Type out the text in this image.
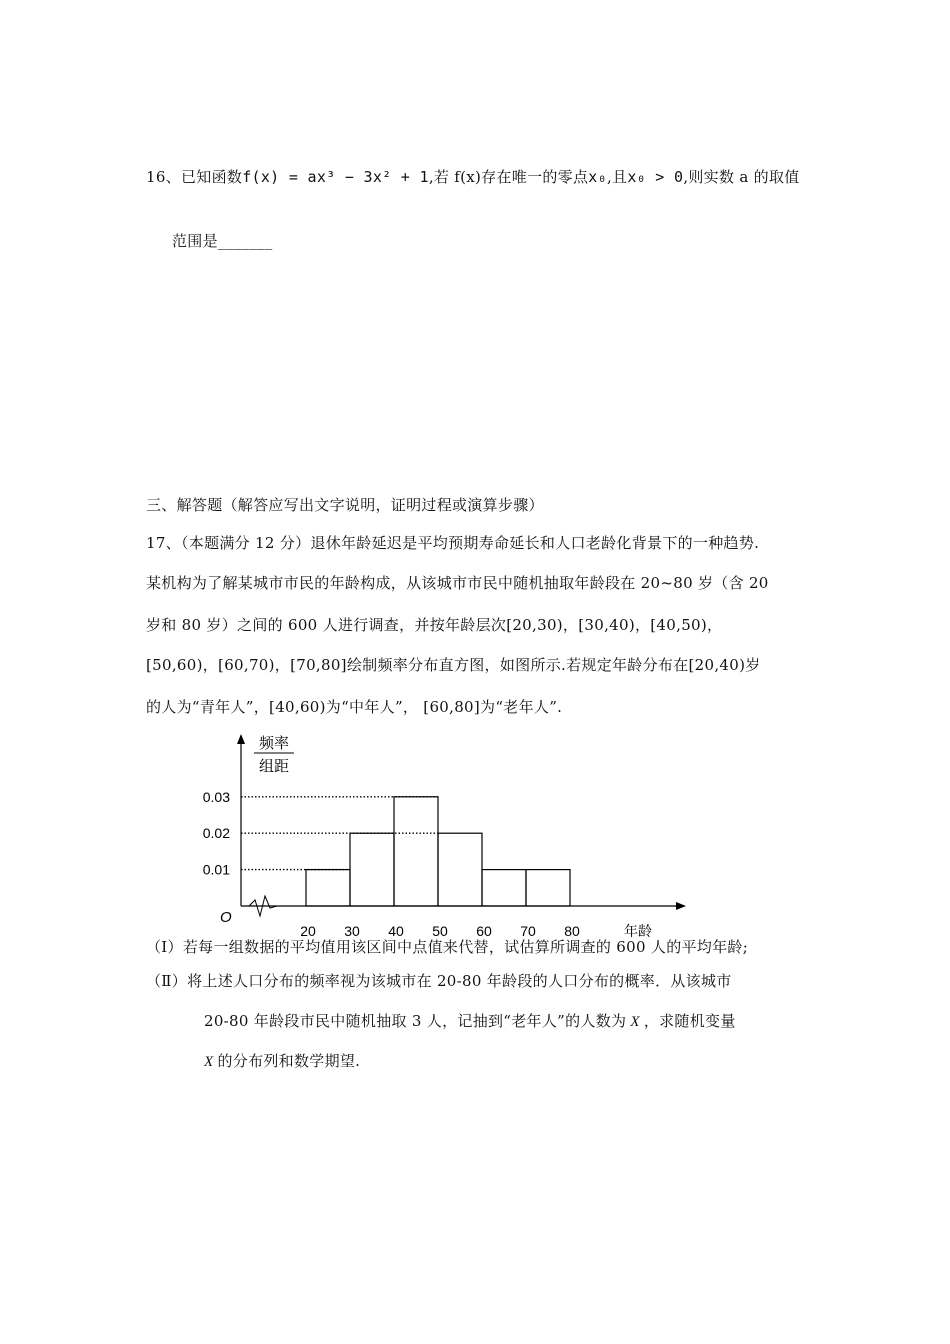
16、已知函数f(x) = ax³ − 3x² + 1,若 f(x)存在唯一的零点x₀,且x₀ > 0,则实数 a 的取值
范围是_______
三、解答题（解答应写出文字说明，证明过程或演算步骤）
17、（本题满分 12 分）退休年龄延迟是平均预期寿命延长和人口老龄化背景下的一种趋势.
某机构为了解某城市市民的年龄构成，从该城市市民中随机抽取年龄段在 20~80 岁（含 20
岁和 80 岁）之间的 600 人进行调查，并按年龄层次[20,30)，[30,40)，[40,50)，
[50,60)，[60,70)，[70,80]绘制频率分布直方图，如图所示.若规定年龄分布在[20,40)岁
的人为“青年人”，[40,60)为“中年人”， [60,80]为“老年人”.
频率
组距
O
0.01
0.02
0.03
20 30 40 50 60 70 80	年龄
（Ⅰ）若每一组数据的平均值用该区间中点值来代替，试估算所调查的 600 人的平均年龄;
（Ⅱ）将上述人口分布的频率视为该城市在 20-80 年龄段的人口分布的概率．从该城市
20-80 年龄段市民中随机抽取 3 人，记抽到“老年人”的人数为 X ，求随机变量
X 的分布列和数学期望.
